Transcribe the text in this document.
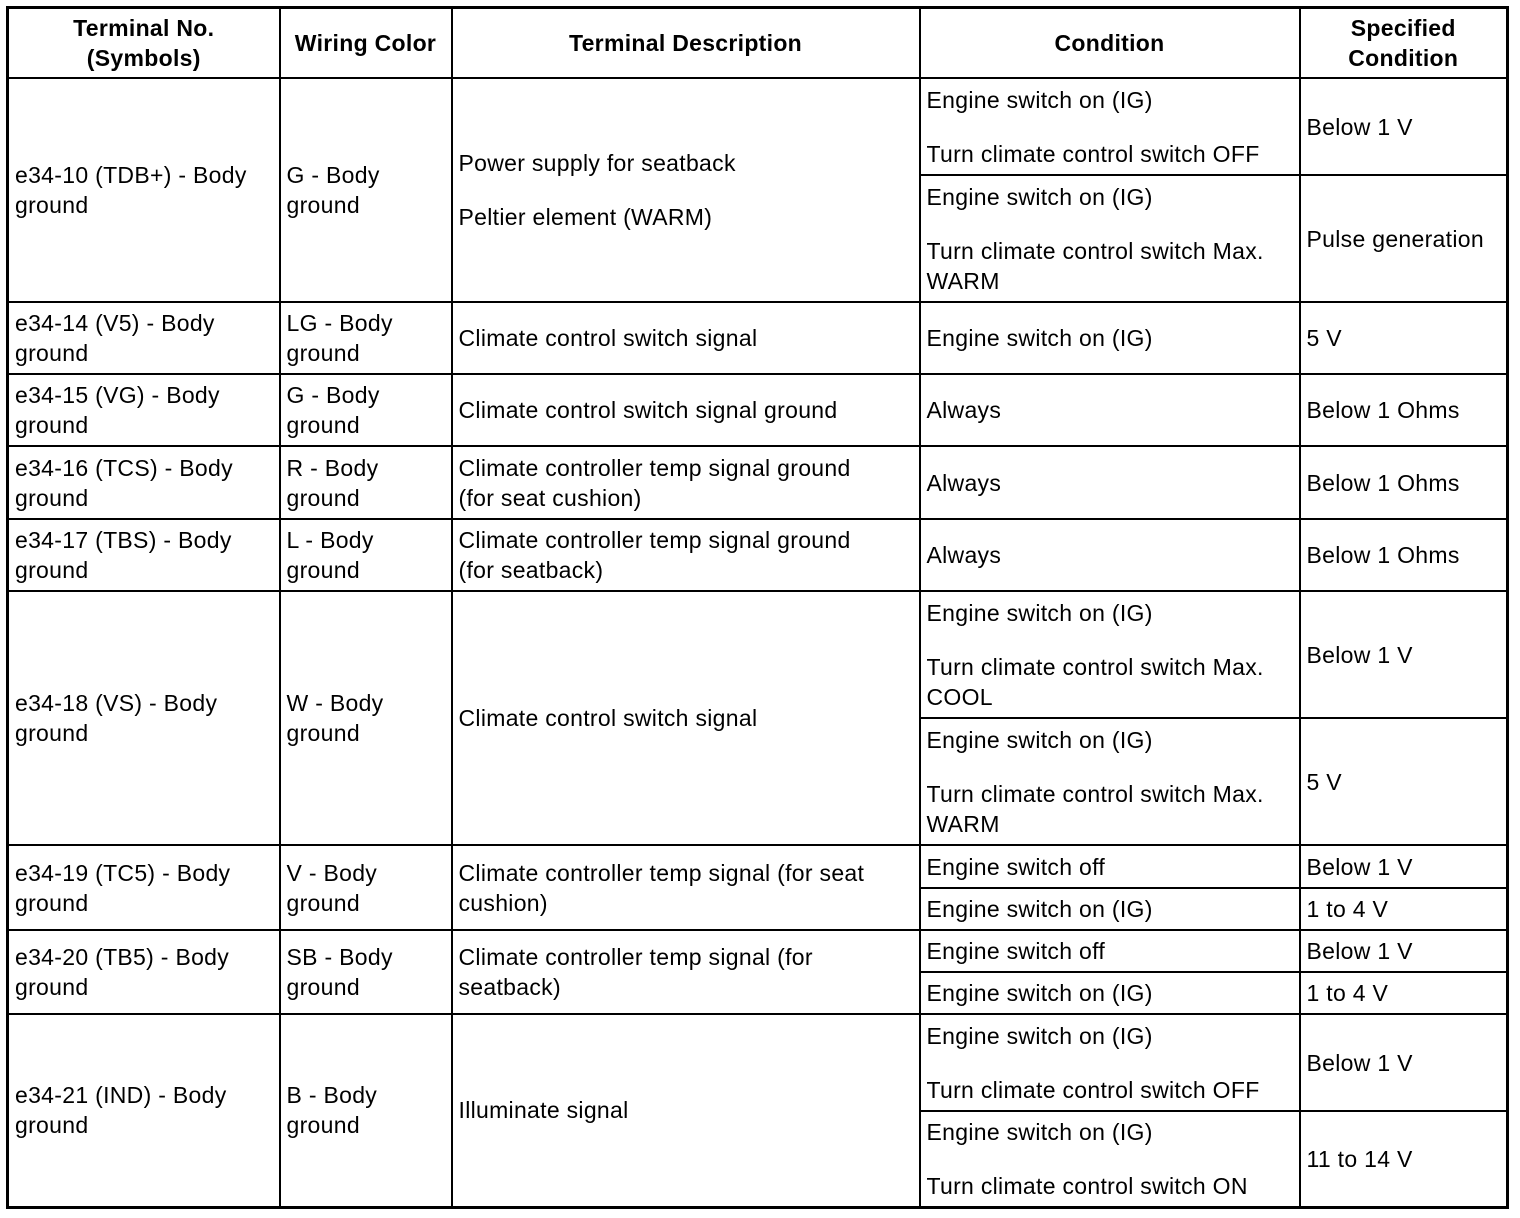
Terminal No.
(Symbols)	Wiring Color	Terminal Description	Condition	Specified
Condition

e34-10 (TDB+) - Body
ground	G - Body
ground	Power supply for seatback
Peltier element (WARM)	Engine switch on (IG)
Turn climate control switch OFF	Below 1 V

			Engine switch on (IG)
Turn climate control switch Max.
WARM	Pulse generation

e34-14 (V5) - Body
ground	LG - Body
ground	Climate control switch signal	Engine switch on (IG)	5 V

e34-15 (VG) - Body
ground	G - Body
ground	Climate control switch signal ground	Always	Below 1 Ohms

e34-16 (TCS) - Body
ground	R - Body
ground	Climate controller temp signal ground
(for seat cushion)	Always	Below 1 Ohms

e34-17 (TBS) - Body
ground	L - Body
ground	Climate controller temp signal ground
(for seatback)	Always	Below 1 Ohms

e34-18 (VS) - Body
ground	W - Body
ground	Climate control switch signal	Engine switch on (IG)
Turn climate control switch Max.
COOL	Below 1 V

			Engine switch on (IG)
Turn climate control switch Max.
WARM	5 V

e34-19 (TC5) - Body
ground	V - Body
ground	Climate controller temp signal (for seat
cushion)	Engine switch off	Below 1 V
			Engine switch on (IG)	1 to 4 V

e34-20 (TB5) - Body
ground	SB - Body
ground	Climate controller temp signal (for
seatback)	Engine switch off	Below 1 V
			Engine switch on (IG)	1 to 4 V

e34-21 (IND) - Body
ground	B - Body
ground	Illuminate signal	Engine switch on (IG)
Turn climate control switch OFF	Below 1 V

			Engine switch on (IG)
Turn climate control switch ON	11 to 14 V
